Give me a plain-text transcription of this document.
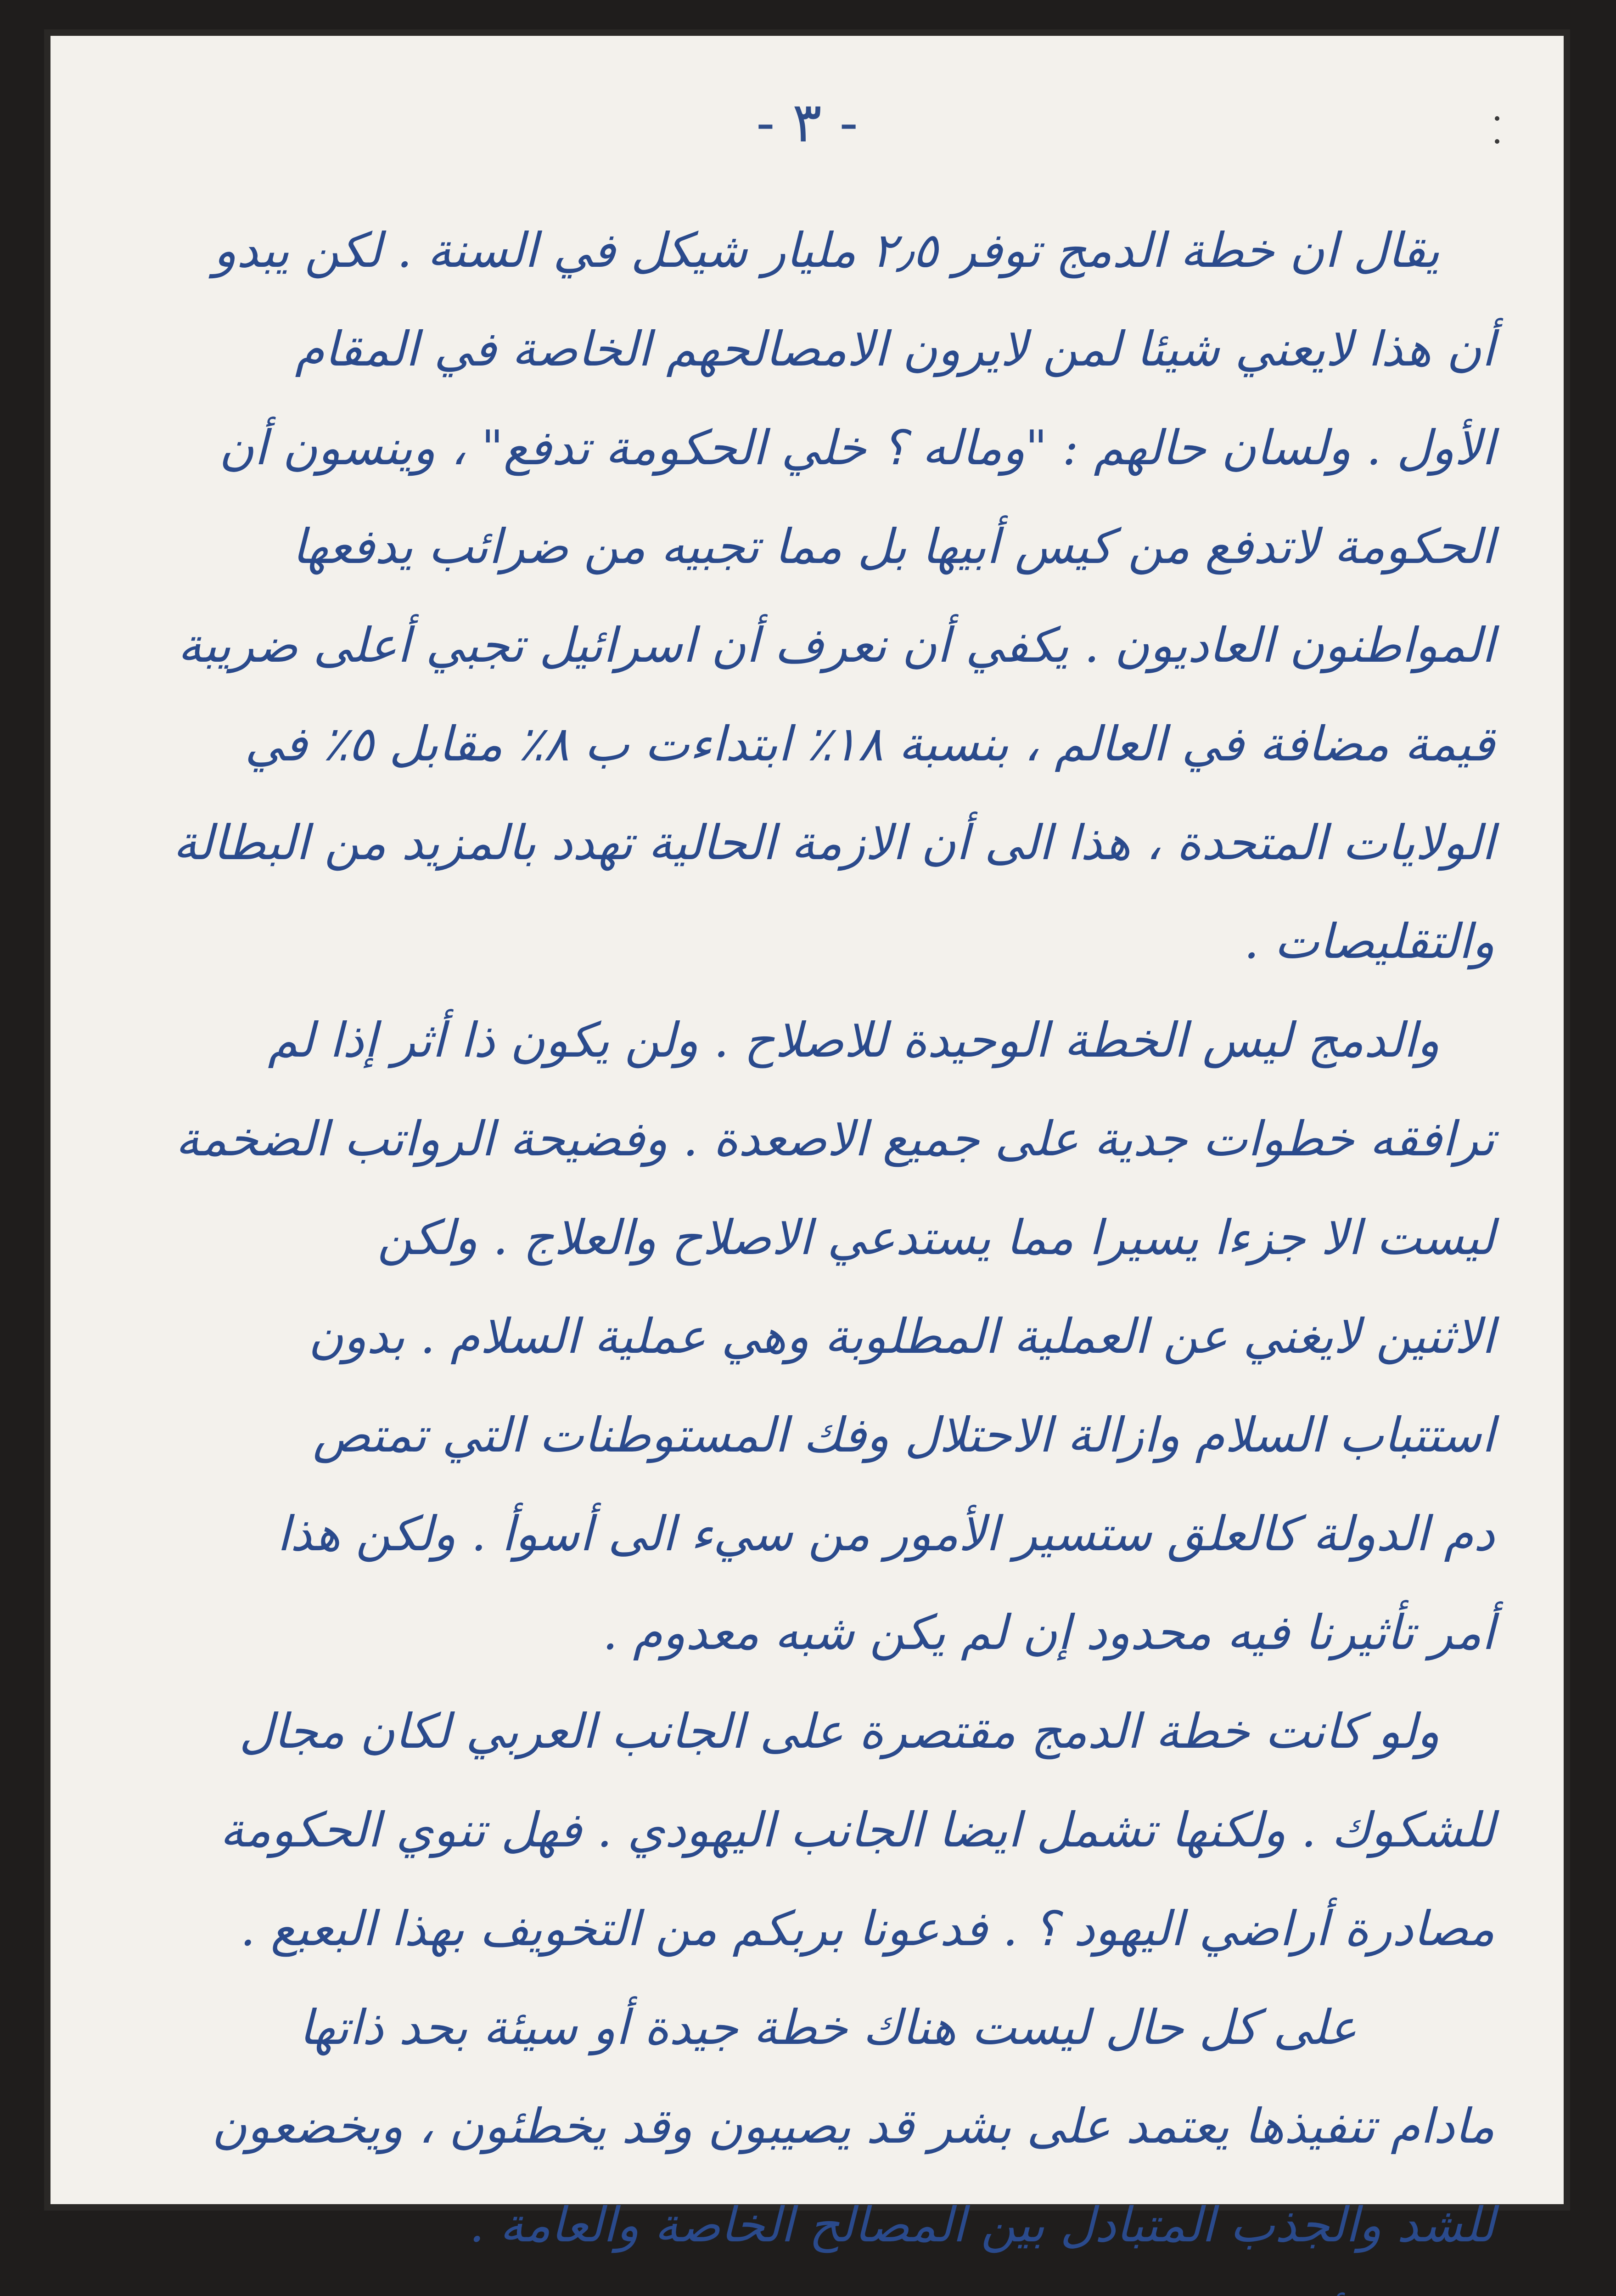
- ٣ -
يقال ان خطة الدمج توفر ٢٫٥ مليار شيكل في السنة . لكن يبدو
أن هذا لايعني شيئا لمن لايرون الامصالحهم الخاصة في المقام
الأول . ولسان حالهم : "وماله ؟ خلي الحكومة تدفع" ، وينسون أن
الحكومة لاتدفع من كيس أبيها بل مما تجبيه من ضرائب يدفعها
المواطنون العاديون . يكفي أن نعرف أن اسرائيل تجبي أعلى ضريبة
قيمة مضافة في العالم ، بنسبة ١٨٪ ابتداءت ب ٨٪ مقابل ٥٪ في
الولايات المتحدة ، هذا الى أن الازمة الحالية تهدد بالمزيد من البطالة
والتقليصات .
والدمج ليس الخطة الوحيدة للاصلاح . ولن يكون ذا أثر إذا لم
ترافقه خطوات جدية على جميع الاصعدة . وفضيحة الرواتب الضخمة
ليست الا جزءا يسيرا مما يستدعي الاصلاح والعلاج . ولكن
الاثنين لايغني عن العملية المطلوبة وهي عملية السلام . بدون
استتباب السلام وازالة الاحتلال وفك المستوطنات التي تمتص
دم الدولة كالعلق ستسير الأمور من سيء الى أسوأ . ولكن هذا
أمر تأثيرنا فيه محدود إن لم يكن شبه معدوم .
ولو كانت خطة الدمج مقتصرة على الجانب العربي لكان مجال
للشكوك . ولكنها تشمل ايضا الجانب اليهودي . فهل تنوي الحكومة
مصادرة أراضي اليهود ؟ . فدعونا بربكم من التخويف بهذا البعبع .
على كل حال ليست هناك خطة جيدة أو سيئة بحد ذاتها
مادام تنفيذها يعتمد على بشر قد يصيبون وقد يخطئون ، ويخضعون
للشد والجذب المتبادل بين المصالح الخاصة والعامة .
